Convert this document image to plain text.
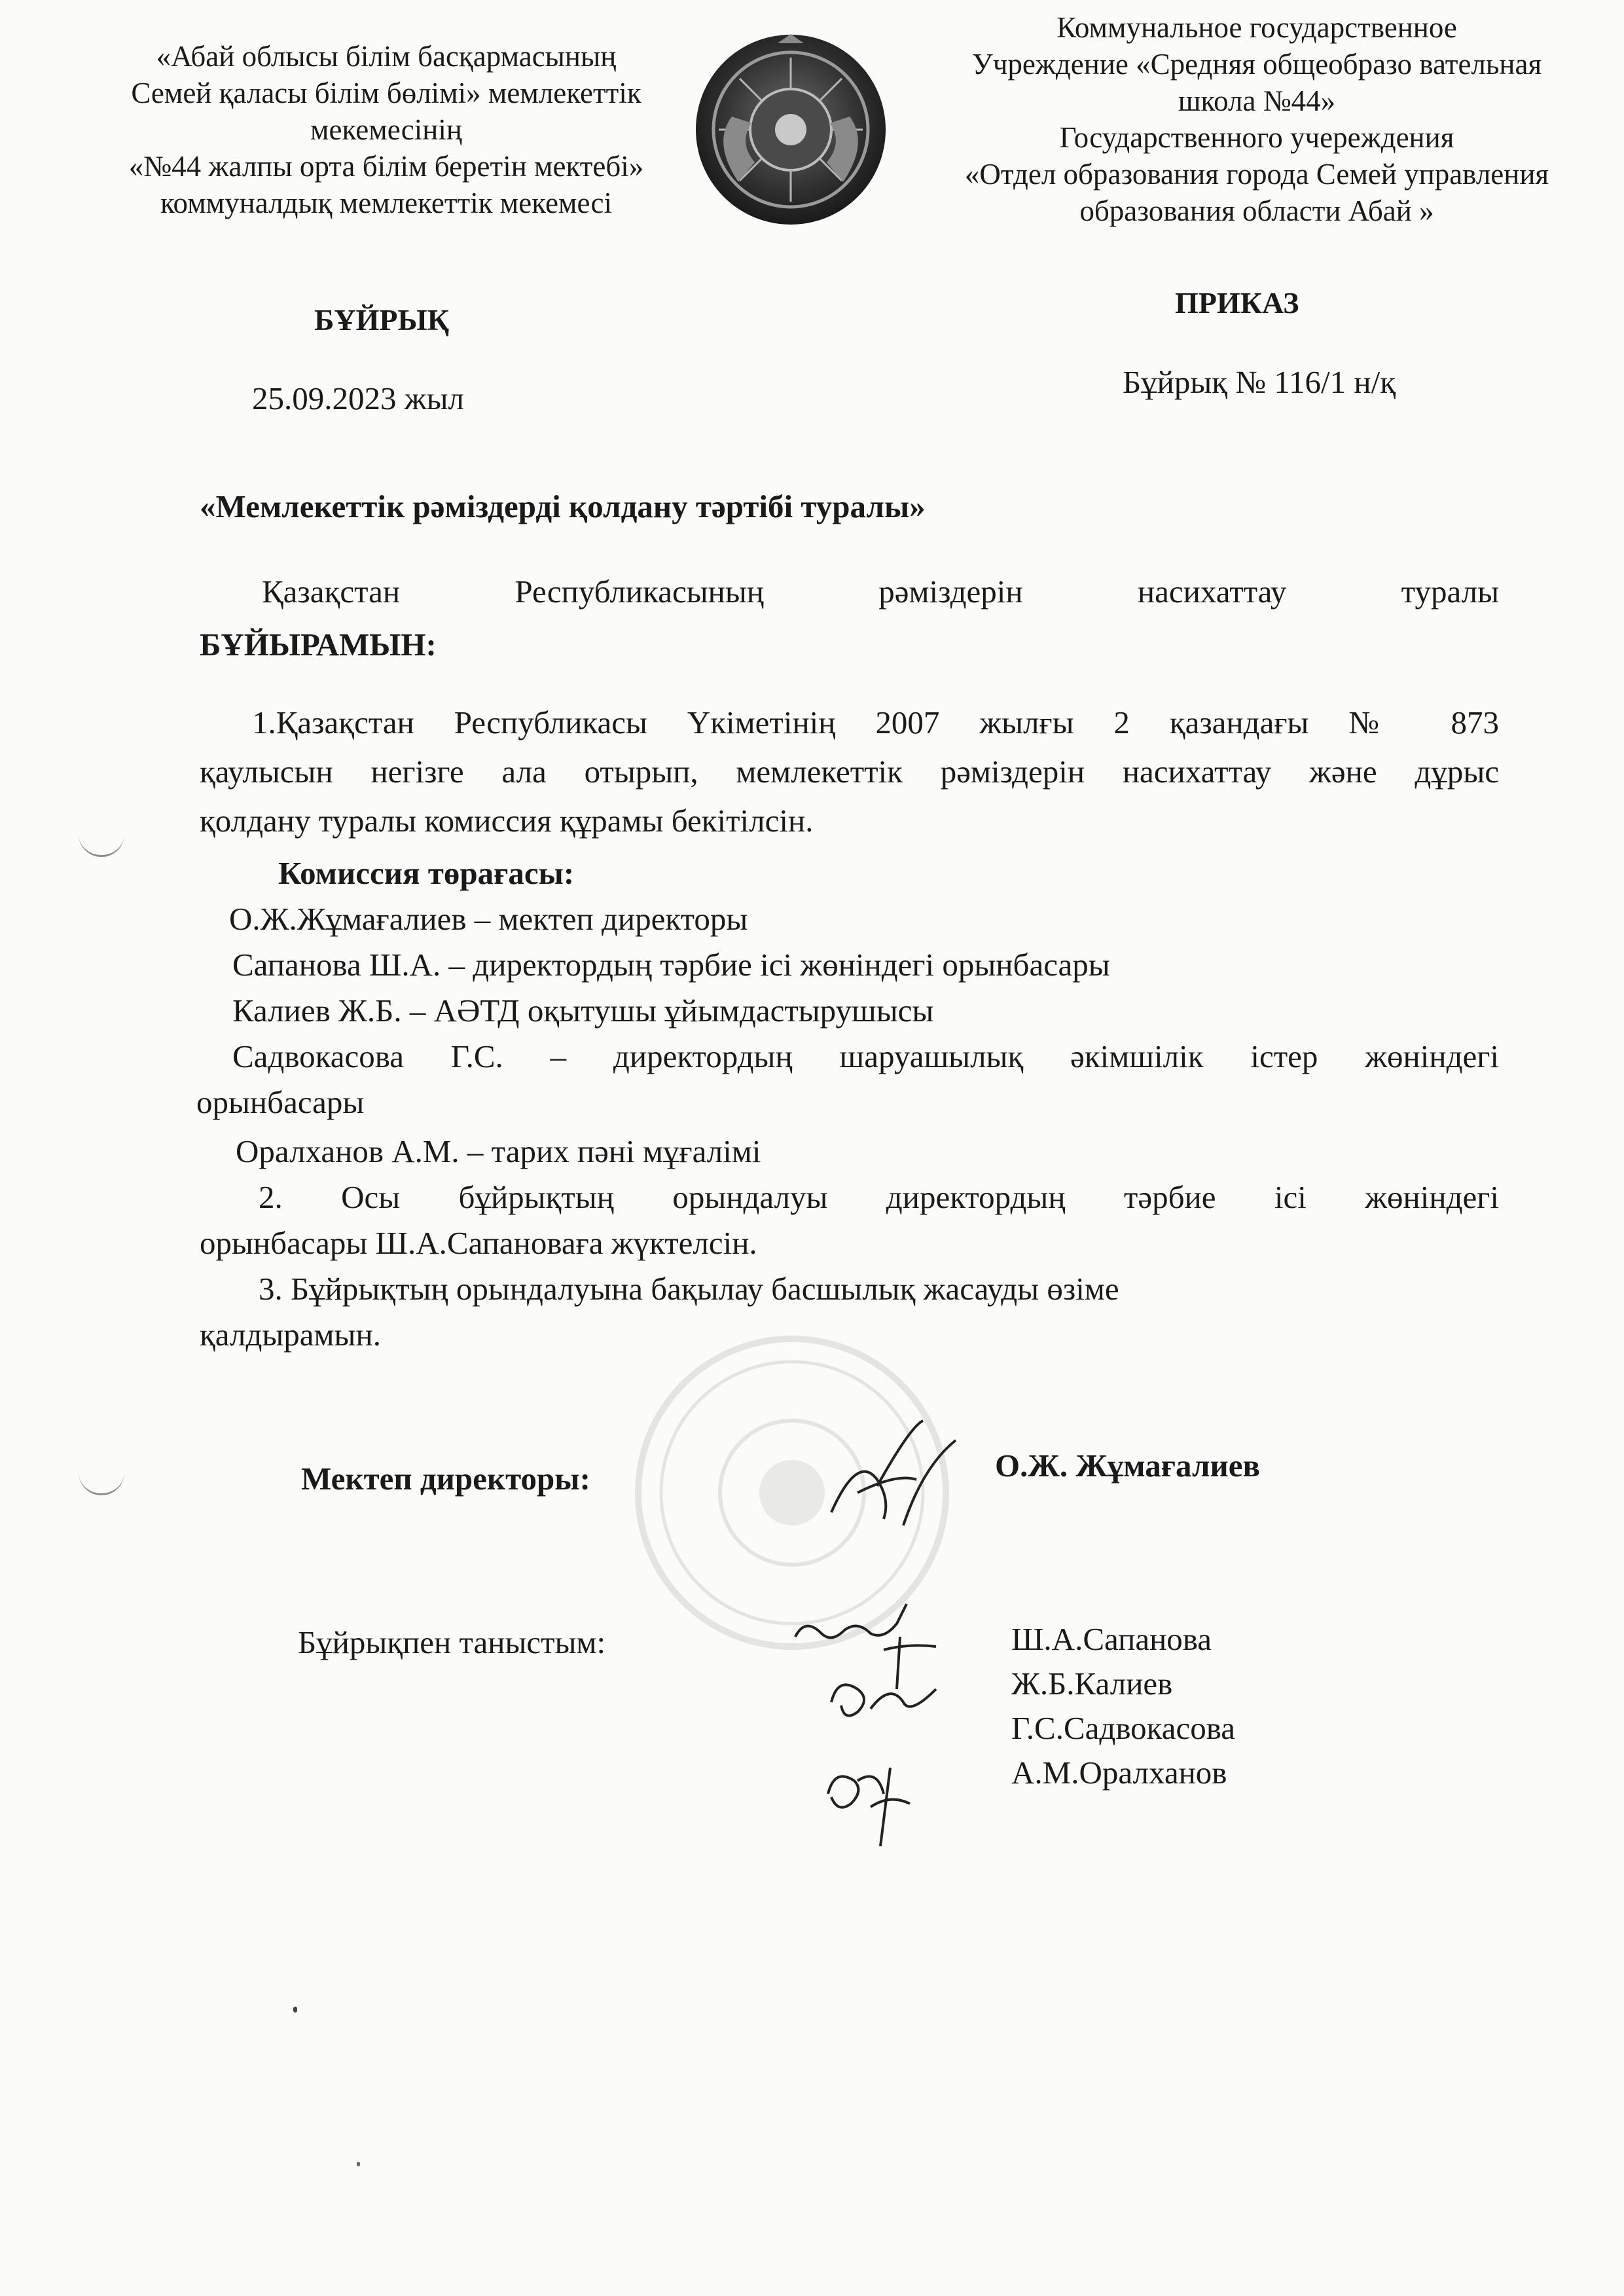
«Абай облысы білім басқармасының
Семей қаласы білім бөлімі» мемлекеттік
мекемесінің
«№44 жалпы орта білім беретін мектебі»
коммуналдық мемлекеттік мекемесі
Коммунальное государственное
Учреждение «Средняя общеобразо вательная
школа №44»
Государственного учереждения
«Отдел образования города Семей управления
образования области Абай »
БҰЙРЫҚ
ПРИКАЗ
25.09.2023 жыл	Бұйрық № 116/1 н/қ
«Мемлекеттік рәміздерді қолдану тәртібі туралы»
Қазақстан	Республикасының	рәміздерін	насихаттау	туралы
БҰЙЫРАМЫН:
1.Қазақстан Республикасы Үкіметінің 2007 жылғы 2 қазандағы № 873
қаулысын негізге ала отырып, мемлекеттік рәміздерін насихаттау және дұрыс
қолдану туралы комиссия құрамы бекітілсін.
Комиссия төрағасы:
О.Ж.Жұмағалиев – мектеп директоры
Сапанова Ш.А. – директордың тәрбие ісі жөніндегі орынбасары
Калиев Ж.Б. – АӘТД оқытушы ұйымдастырушысы
Садвокасова Г.С. – директордың шаруашылық әкімшілік істер жөніндегі
орынбасары
Оралханов А.М. – тарих пәні мұғалімі
2. Осы бұйрықтың орындалуы директордың тәрбие ісі жөніндегі
орынбасары Ш.А.Сапановаға жүктелсін.
3. Бұйрықтың орындалуына бақылау басшылық жасауды өзіме
қалдырамын.
Мектеп директоры:	О.Ж. Жұмағалиев
Бұйрықпен таныстым:	Ш.А.Сапанова
Ж.Б.Калиев
Г.С.Садвокасова
А.М.Оралханов
